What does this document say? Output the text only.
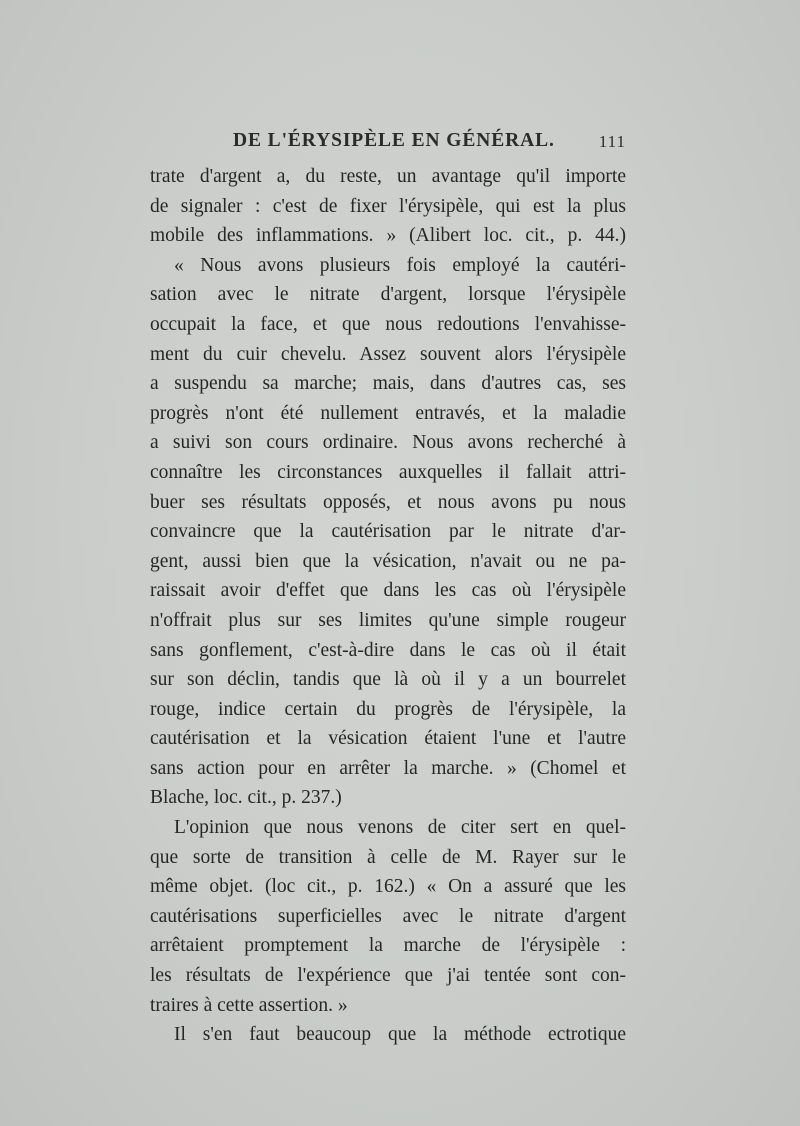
DE L'ÉRYSIPÈLE EN GÉNÉRAL.	111
trate d'argent a, du reste, un avantage qu'il importe
de signaler : c'est de fixer l'érysipèle, qui est la plus
mobile des inflammations. » (Alibert loc. cit., p. 44.)
« Nous avons plusieurs fois employé la cautéri-
sation avec le nitrate d'argent, lorsque l'érysipèle
occupait la face, et que nous redoutions l'envahisse-
ment du cuir chevelu. Assez souvent alors l'érysipèle
a suspendu sa marche; mais, dans d'autres cas, ses
progrès n'ont été nullement entravés, et la maladie
a suivi son cours ordinaire. Nous avons recherché à
connaître les circonstances auxquelles il fallait attri-
buer ses résultats opposés, et nous avons pu nous
convaincre que la cautérisation par le nitrate d'ar-
gent, aussi bien que la vésication, n'avait ou ne pa-
raissait avoir d'effet que dans les cas où l'érysipèle
n'offrait plus sur ses limites qu'une simple rougeur
sans gonflement, c'est-à-dire dans le cas où il était
sur son déclin, tandis que là où il y a un bourrelet
rouge, indice certain du progrès de l'érysipèle, la
cautérisation et la vésication étaient l'une et l'autre
sans action pour en arrêter la marche. » (Chomel et
Blache, loc. cit., p. 237.)
L'opinion que nous venons de citer sert en quel-
que sorte de transition à celle de M. Rayer sur le
même objet. (loc cit., p. 162.) « On a assuré que les
cautérisations superficielles avec le nitrate d'argent
arrêtaient promptement la marche de l'érysipèle :
les résultats de l'expérience que j'ai tentée sont con-
traires à cette assertion. »
Il s'en faut beaucoup que la méthode ectrotique
